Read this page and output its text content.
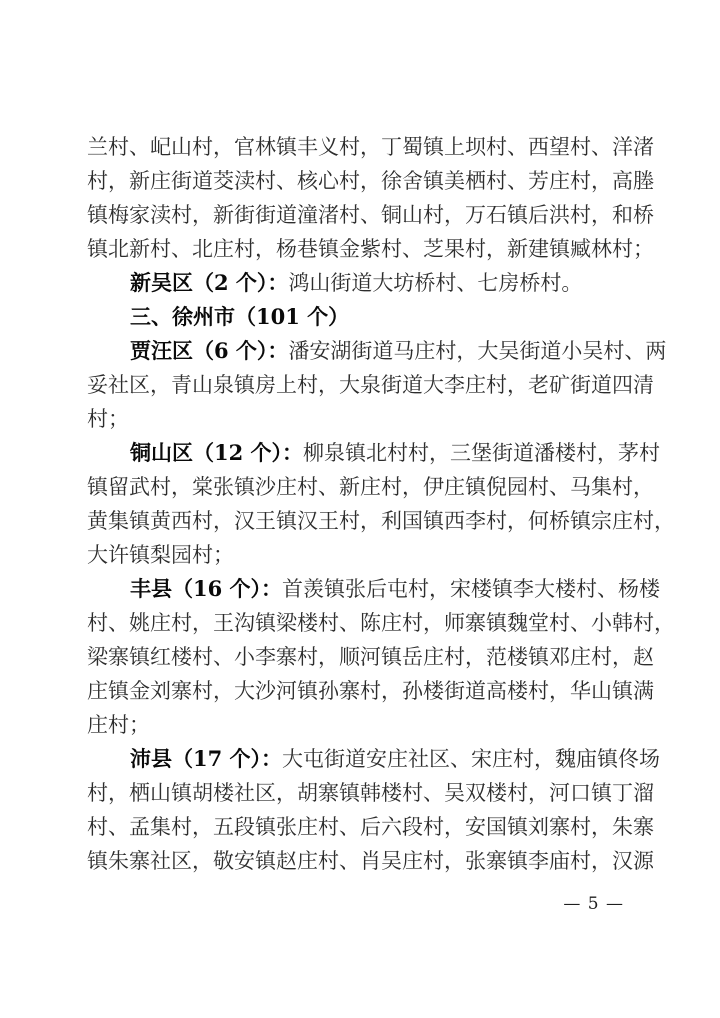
兰村、屺山村，官林镇丰义村，丁蜀镇上坝村、西望村、洋渚
村，新庄街道茭渎村、核心村，徐舍镇美栖村、芳庄村，高塍
镇梅家渎村，新街街道潼渚村、铜山村，万石镇后洪村，和桥
镇北新村、北庄村，杨巷镇金紫村、芝果村，新建镇臧林村；
新吴区（2 个）：鸿山街道大坊桥村、七房桥村。
三、徐州市（101 个）
贾汪区（6 个）：潘安湖街道马庄村，大吴街道小吴村、两
妥社区，青山泉镇房上村，大泉街道大李庄村，老矿街道四清
村；
铜山区（12 个）：柳泉镇北村村，三堡街道潘楼村，茅村
镇留武村，棠张镇沙庄村、新庄村，伊庄镇倪园村、马集村，
黄集镇黄西村，汉王镇汉王村，利国镇西李村，何桥镇宗庄村，
大许镇梨园村；
丰县（16 个）：首羡镇张后屯村，宋楼镇李大楼村、杨楼
村、姚庄村，王沟镇梁楼村、陈庄村，师寨镇魏堂村、小韩村，
梁寨镇红楼村、小李寨村，顺河镇岳庄村，范楼镇邓庄村，赵
庄镇金刘寨村，大沙河镇孙寨村，孙楼街道高楼村，华山镇满
庄村；
沛县（17 个）：大屯街道安庄社区、宋庄村，魏庙镇佟场
村，栖山镇胡楼社区，胡寨镇韩楼村、吴双楼村，河口镇丁溜
村、孟集村，五段镇张庄村、后六段村，安国镇刘寨村，朱寨
镇朱寨社区，敬安镇赵庄村、肖吴庄村，张寨镇李庙村，汉源
— 5 —
